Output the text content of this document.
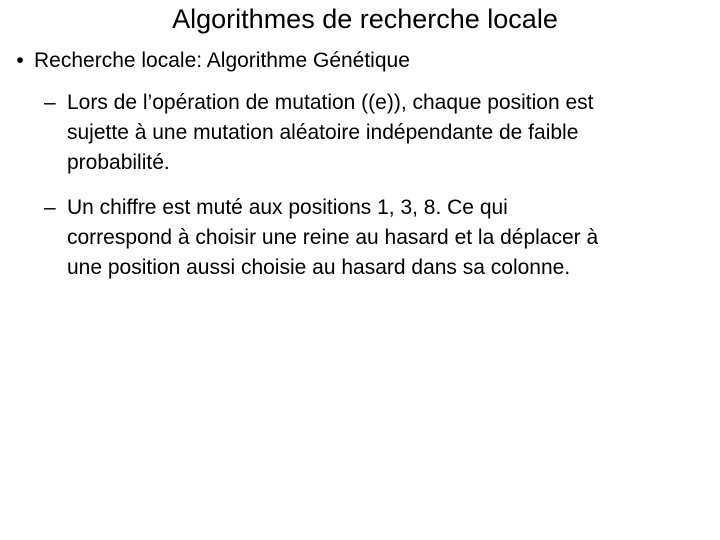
Algorithmes de recherche locale
• Recherche locale: Algorithme Génétique
– Lors de l’opération de mutation ((e)), chaque position est
sujette à une mutation aléatoire indépendante de faible
probabilité.
– Un chiffre est muté aux positions 1, 3, 8. Ce qui
correspond à choisir une reine au hasard et la déplacer à
une position aussi choisie au hasard dans sa colonne.
